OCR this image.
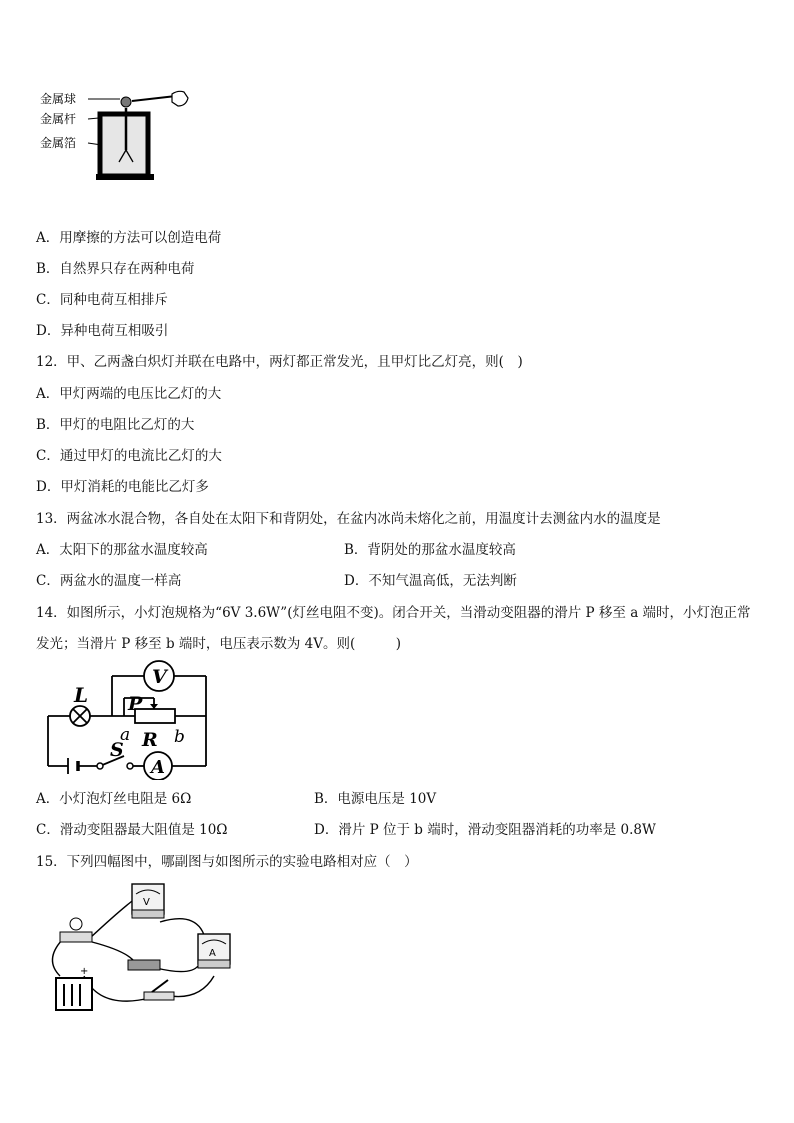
金属球
金属杆
金属箔
A．用摩擦的方法可以创造电荷
B．自然界只存在两种电荷
C．同种电荷互相排斥
D．异种电荷互相吸引
12．甲、乙两盏白炽灯并联在电路中，两灯都正常发光，且甲灯比乙灯亮，则(　)
A．甲灯两端的电压比乙灯的大
B．甲灯的电阻比乙灯的大
C．通过甲灯的电流比乙灯的大
D．甲灯消耗的电能比乙灯多
13．两盆冰水混合物，各自处在太阳下和背阴处，在盆内冰尚未熔化之前，用温度计去测盆内水的温度是
A．太阳下的那盆水温度较高	B．背阴处的那盆水温度较高
C．两盆水的温度一样高	D．不知气温高低，无法判断
14．如图所示，小灯泡规格为“6V 3.6W”(灯丝电阻不变)。闭合开关，当滑动变阻器的滑片 P 移至 a 端时，小灯泡正常
发光；当滑片 P 移至 b 端时，电压表示数为 4V。则(　　　)
L
V
P
R
a	b
S
A
A．小灯泡灯丝电阻是 6Ω	B．电源电压是 10V
C．滑动变阻器最大阻值是 10Ω	D．滑片 P 位于 b 端时，滑动变阻器消耗的功率是 0.8W
15．下列四幅图中，哪副图与如图所示的实验电路相对应（　）
V
A
+
